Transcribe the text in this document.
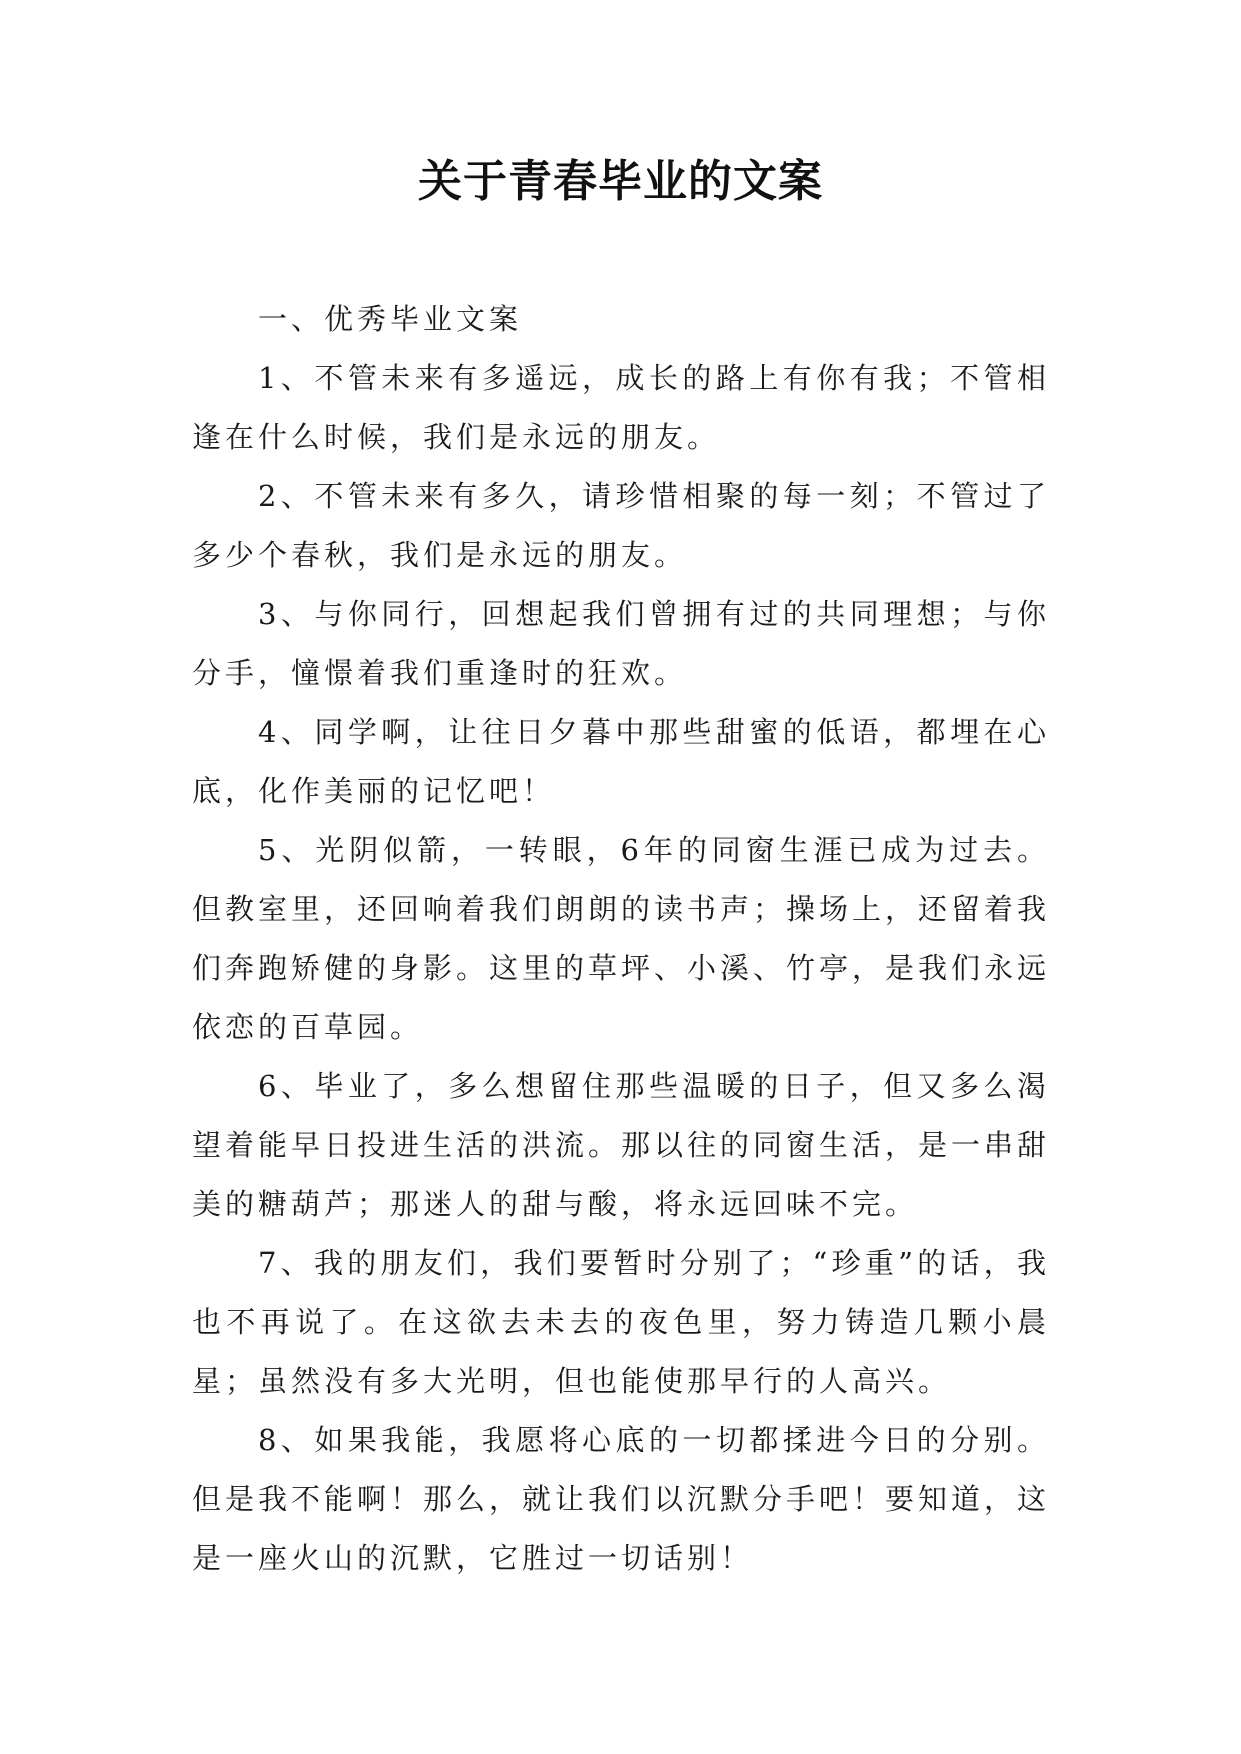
关于青春毕业的文案

一、优秀毕业文案

1、不管未来有多遥远，成长的路上有你有我；不管相逢在什么时候，我们是永远的朋友。

2、不管未来有多久，请珍惜相聚的每一刻；不管过了多少个春秋，我们是永远的朋友。

3、与你同行，回想起我们曾拥有过的共同理想；与你分手，憧憬着我们重逢时的狂欢。

4、同学啊，让往日夕暮中那些甜蜜的低语，都埋在心底，化作美丽的记忆吧！

5、光阴似箭，一转眼，6年的同窗生涯已成为过去。但教室里，还回响着我们朗朗的读书声；操场上，还留着我们奔跑矫健的身影。这里的草坪、小溪、竹亭，是我们永远依恋的百草园。

6、毕业了，多么想留住那些温暖的日子，但又多么渴望着能早日投进生活的洪流。那以往的同窗生活，是一串甜美的糖葫芦；那迷人的甜与酸，将永远回味不完。

7、我的朋友们，我们要暂时分别了；“珍重”的话，我也不再说了。在这欲去未去的夜色里，努力铸造几颗小晨星；虽然没有多大光明，但也能使那早行的人高兴。

8、如果我能，我愿将心底的一切都揉进今日的分别。但是我不能啊！那么，就让我们以沉默分手吧！要知道，这是一座火山的沉默，它胜过一切话别！
